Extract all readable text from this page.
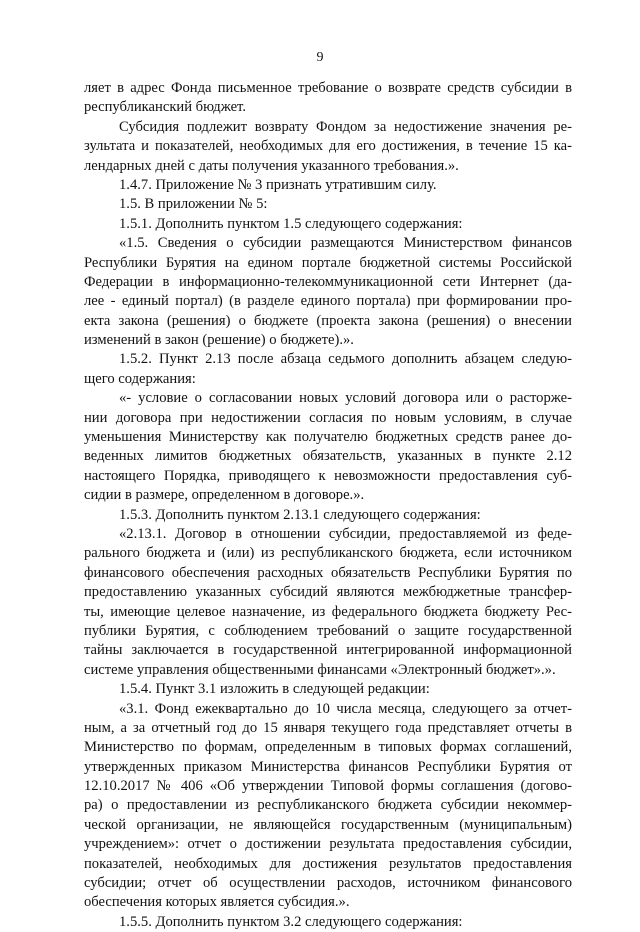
9
ляет в адрес Фонда письменное требование о возврате средств субсидии в
республиканский бюджет.
Субсидия подлежит возврату Фондом за недостижение значения ре-
зультата и показателей, необходимых для его достижения, в течение 15 ка-
лендарных дней с даты получения указанного требования.».
1.4.7. Приложение № 3 признать утратившим силу.
1.5. В приложении № 5:
1.5.1. Дополнить пунктом 1.5 следующего содержания:
«1.5. Сведения о субсидии размещаются Министерством финансов
Республики Бурятия на едином портале бюджетной системы Российской
Федерации в информационно-телекоммуникационной сети Интернет (да-
лее - единый портал) (в разделе единого портала) при формировании про-
екта закона (решения) о бюджете (проекта закона (решения) о внесении
изменений в закон (решение) о бюджете).».
1.5.2. Пункт 2.13 после абзаца седьмого дополнить абзацем следую-
щего содержания:
«- условие о согласовании новых условий договора или о расторже-
нии договора при недостижении согласия по новым условиям, в случае
уменьшения Министерству как получателю бюджетных средств ранее до-
веденных лимитов бюджетных обязательств, указанных в пункте 2.12
настоящего Порядка, приводящего к невозможности предоставления суб-
сидии в размере, определенном в договоре.».
1.5.3. Дополнить пунктом 2.13.1 следующего содержания:
«2.13.1. Договор в отношении субсидии, предоставляемой из феде-
рального бюджета и (или) из республиканского бюджета, если источником
финансового обеспечения расходных обязательств Республики Бурятия по
предоставлению указанных субсидий являются межбюджетные трансфер-
ты, имеющие целевое назначение, из федерального бюджета бюджету Рес-
публики Бурятия, с соблюдением требований о защите государственной
тайны заключается в государственной интегрированной информационной
системе управления общественными финансами «Электронный бюджет».».
1.5.4. Пункт 3.1 изложить в следующей редакции:
«3.1. Фонд ежеквартально до 10 числа месяца, следующего за отчет-
ным, а за отчетный год до 15 января текущего года представляет отчеты в
Министерство по формам, определенным в типовых формах соглашений,
утвержденных приказом Министерства финансов Республики Бурятия от
12.10.2017 № 406 «Об утверждении Типовой формы соглашения (догово-
ра) о предоставлении из республиканского бюджета субсидии некоммер-
ческой организации, не являющейся государственным (муниципальным)
учреждением»: отчет о достижении результата предоставления субсидии,
показателей, необходимых для достижения результатов предоставления
субсидии; отчет об осуществлении расходов, источником финансового
обеспечения которых является субсидия.».
1.5.5. Дополнить пунктом 3.2 следующего содержания:
